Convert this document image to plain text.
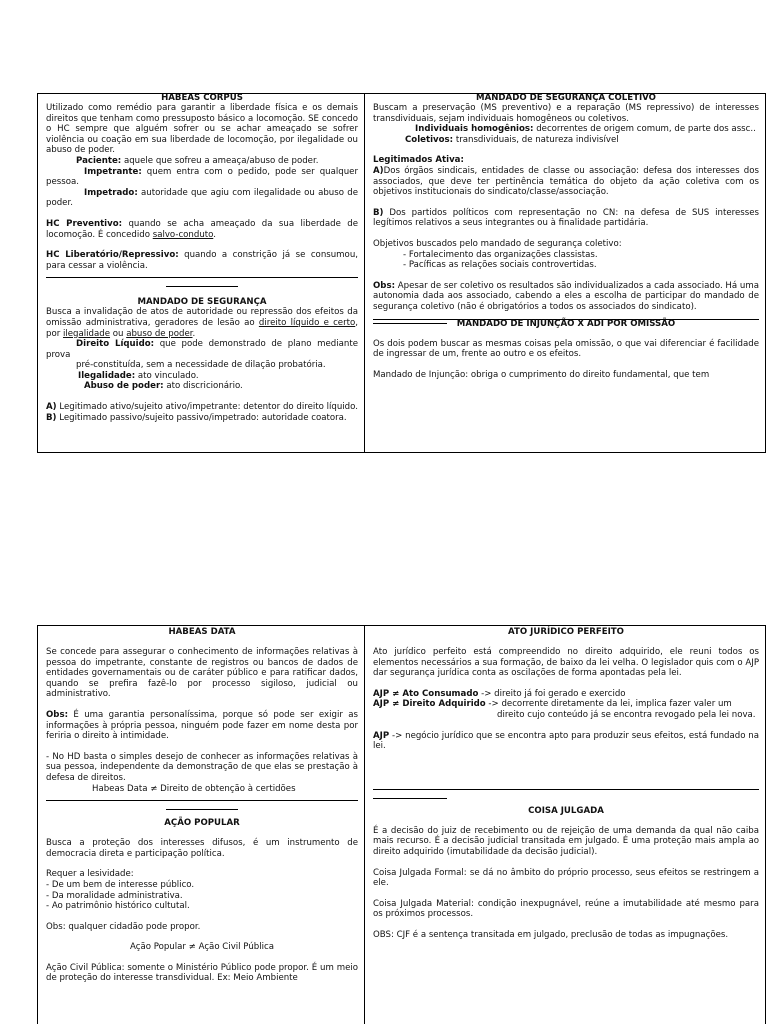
HABEAS CORPUS

Utilizado como remédio para garantir a liberdade física e os demais direitos que tenham como pressuposto básico a locomoção. SE concedo o HC sempre que alguém sofrer ou se achar ameaçado se sofrer violência ou coação em sua liberdade de locomoção, por ilegalidade ou abuso de poder.

Paciente: aquele que sofreu a ameaça/abuso de poder.

Impetrante: quem entra com o pedido, pode ser qualquer pessoa.

Impetrado: autoridade que agiu com ilegalidade ou abuso de poder.

HC Preventivo: quando se acha ameaçado da sua liberdade de locomoção. É concedido salvo-conduto.

HC Liberatório/Repressivo: quando a constrição já se consumou, para cessar a violência.

MANDADO DE SEGURANÇA

Busca a invalidação de atos de autoridade ou repressão dos efeitos da omissão administrativa, geradores de lesão ao direito líquido e certo, por ilegalidade ou abuso de poder.

Direito Líquido: que pode demonstrado de plano mediante prova

pré-constituída, sem a necessidade de dilação probatória.

Ilegalidade: ato vinculado.

Abuso de poder: ato discricionário.

A) Legitimado ativo/sujeito ativo/impetrante: detentor do direito líquido.

B) Legitimado passivo/sujeito passivo/impetrado: autoridade coatora.

MANDADO DE SEGURANÇA COLETIVO

Buscam a preservação (MS preventivo) e a reparação (MS repressivo) de interesses transdividuais, sejam individuais homogêneos ou coletivos.

Individuais homogênios: decorrentes de origem comum, de parte dos assc..

Coletivos: transdividuais, de natureza indivisível

Legitimados Ativa:

A)Dos órgãos sindicais, entidades de classe ou associação: defesa dos interesses dos associados, que deve ter pertinência temática do objeto da ação coletiva com os objetivos institucionais do sindicato/classe/associação.

B) Dos partidos políticos com representação no CN: na defesa de SUS interesses legítimos relativos a seus integrantes ou à finalidade partidária.

Objetivos buscados pelo mandado de segurança coletivo:

- Fortalecimento das organizações classistas.

- Pacíficas as relações sociais controvertidas.

Obs: Apesar de ser coletivo os resultados são individualizados a cada associado. Há uma autonomia dada aos associado, cabendo a eles a escolha de participar do mandado de segurança coletivo (não é obrigatórios a todos os associados do sindicato).

MANDADO DE INJUNÇÃO X ADI POR OMISSÃO

Os dois podem buscar as mesmas coisas pela omissão, o que vai diferenciar é facilidade de ingressar de um, frente ao outro e os efeitos.

Mandado de Injunção: obriga o cumprimento do direito fundamental, que tem

HABEAS DATA

Se concede para assegurar o conhecimento de informações relativas à pessoa do impetrante, constante de registros ou bancos de dados de entidades governamentais ou de caráter público e para ratificar dados, quando se prefira fazê-lo por processo sigiloso, judicial ou administrativo.

Obs: É uma garantia personalíssima, porque só pode ser exigir as informações à própria pessoa, ninguém pode fazer em nome desta por feriria o direito à intimidade.

- No HD basta o simples desejo de conhecer as informações relativas à sua pessoa, independente da demonstração de que elas se prestação à defesa de direitos.

Habeas Data ≠ Direito de obtenção à certidões

AÇÃO POPULAR

Busca a proteção dos interesses difusos, é um instrumento de democracia direta e participação política.

Requer a lesividade:

- De um bem de interesse público.

- Da moralidade administrativa.

- Ao patrimônio histórico cultutal.

Obs: qualquer cidadão pode propor.

Ação Popular ≠ Ação Civil Pública

Ação Civil Pública: somente o Ministério Público pode propor. É um meio de proteção do interesse transdividual. Ex: Meio Ambiente

ATO JURÍDICO PERFEITO

Ato jurídico perfeito está compreendido no direito adquirido, ele reuni todos os elementos necessários a sua formação, de baixo da lei velha. O legislador quis com o AJP dar segurança jurídica conta as oscilações de forma apontadas pela lei.

AJP ≠ Ato Consumado -> direito já foi gerado e exercido

AJP ≠ Direito Adquirido -> decorrente diretamente da lei, implica fazer valer um

direito cujo conteúdo já se encontra revogado pela lei nova.

AJP -> negócio jurídico que se encontra apto para produzir seus efeitos, está fundado na lei.

COISA JULGADA

É a decisão do juiz de recebimento ou de rejeição de uma demanda da qual não caiba mais recurso. É a decisão judicial transitada em julgado. É uma proteção mais ampla ao direito adquirido (imutabilidade da decisão judicial).

Coisa Julgada Formal: se dá no âmbito do próprio processo, seus efeitos se restringem a ele.

Coisa Julgada Material: condição inexpugnável, reúne a imutabilidade até mesmo para os próximos processos.

OBS: CJF é a sentença transitada em julgado, preclusão de todas as impugnações.
